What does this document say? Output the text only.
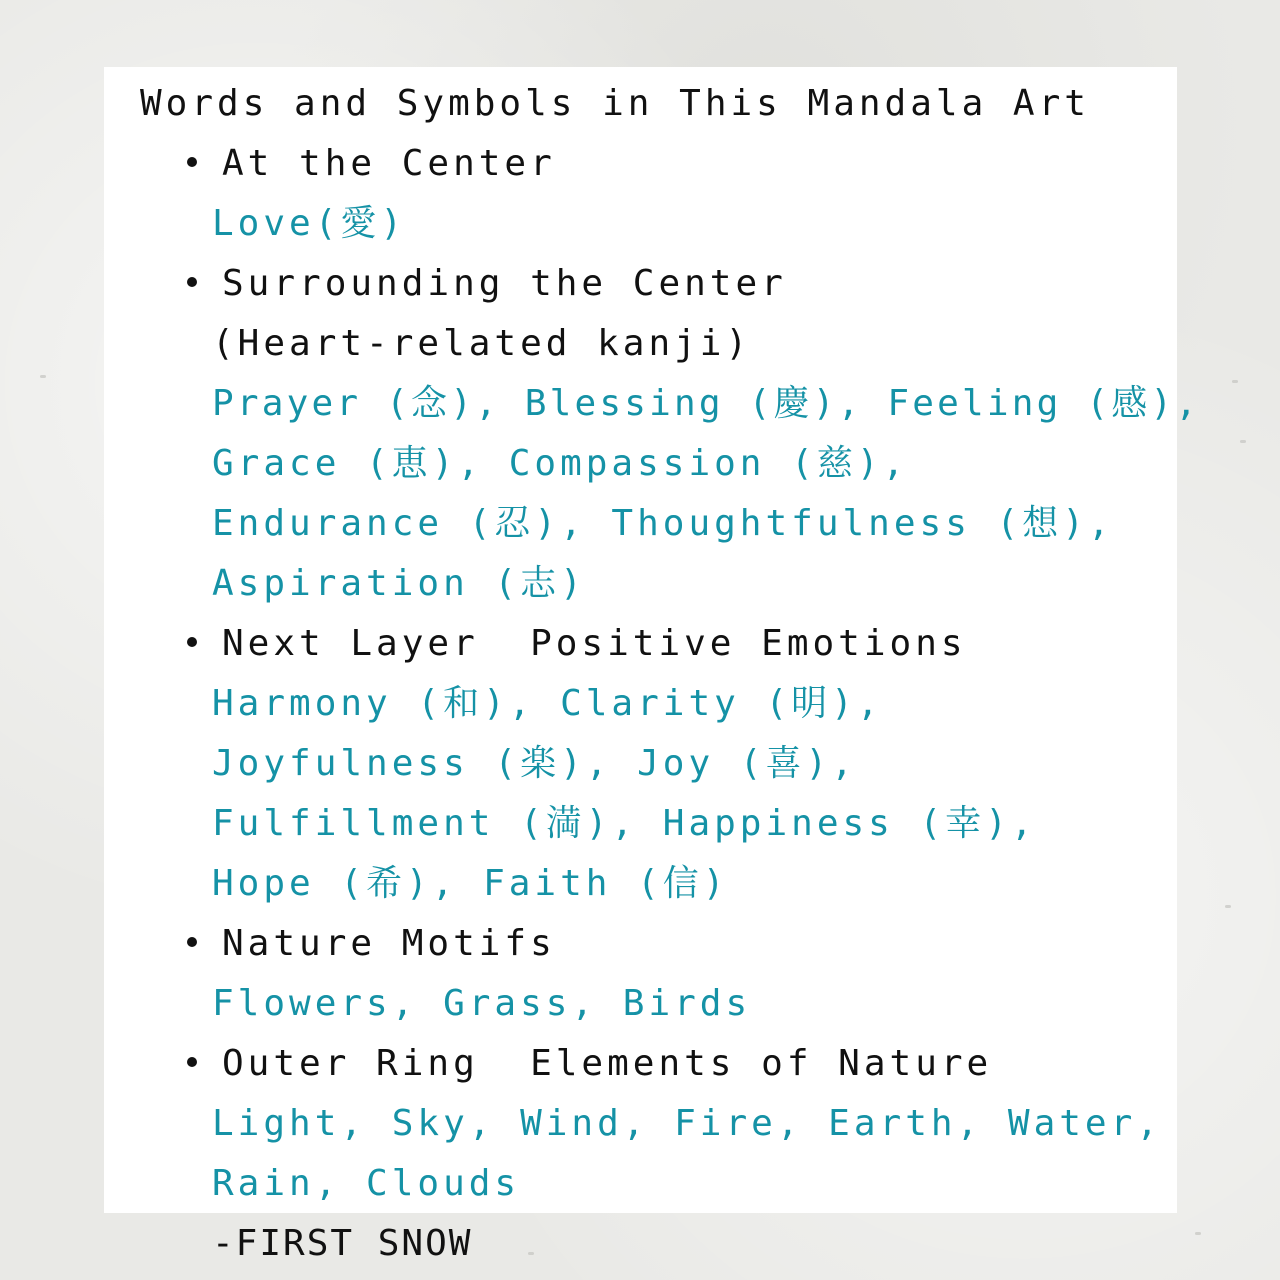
Words and Symbols in This Mandala Art
At the Center
Love(愛)
Surrounding the Center
(Heart-related kanji)
Prayer (念), Blessing (慶), Feeling (感),
Grace (恵), Compassion (慈),
Endurance (忍), Thoughtfulness (想),
Aspiration (志)
Next Layer  Positive Emotions
Harmony (和), Clarity (明),
Joyfulness (楽), Joy (喜),
Fulfillment (満), Happiness (幸),
Hope (希), Faith (信)
Nature Motifs
Flowers, Grass, Birds
Outer Ring  Elements of Nature
Light, Sky, Wind, Fire, Earth, Water,
Rain, Clouds
-FIRST SNOW
